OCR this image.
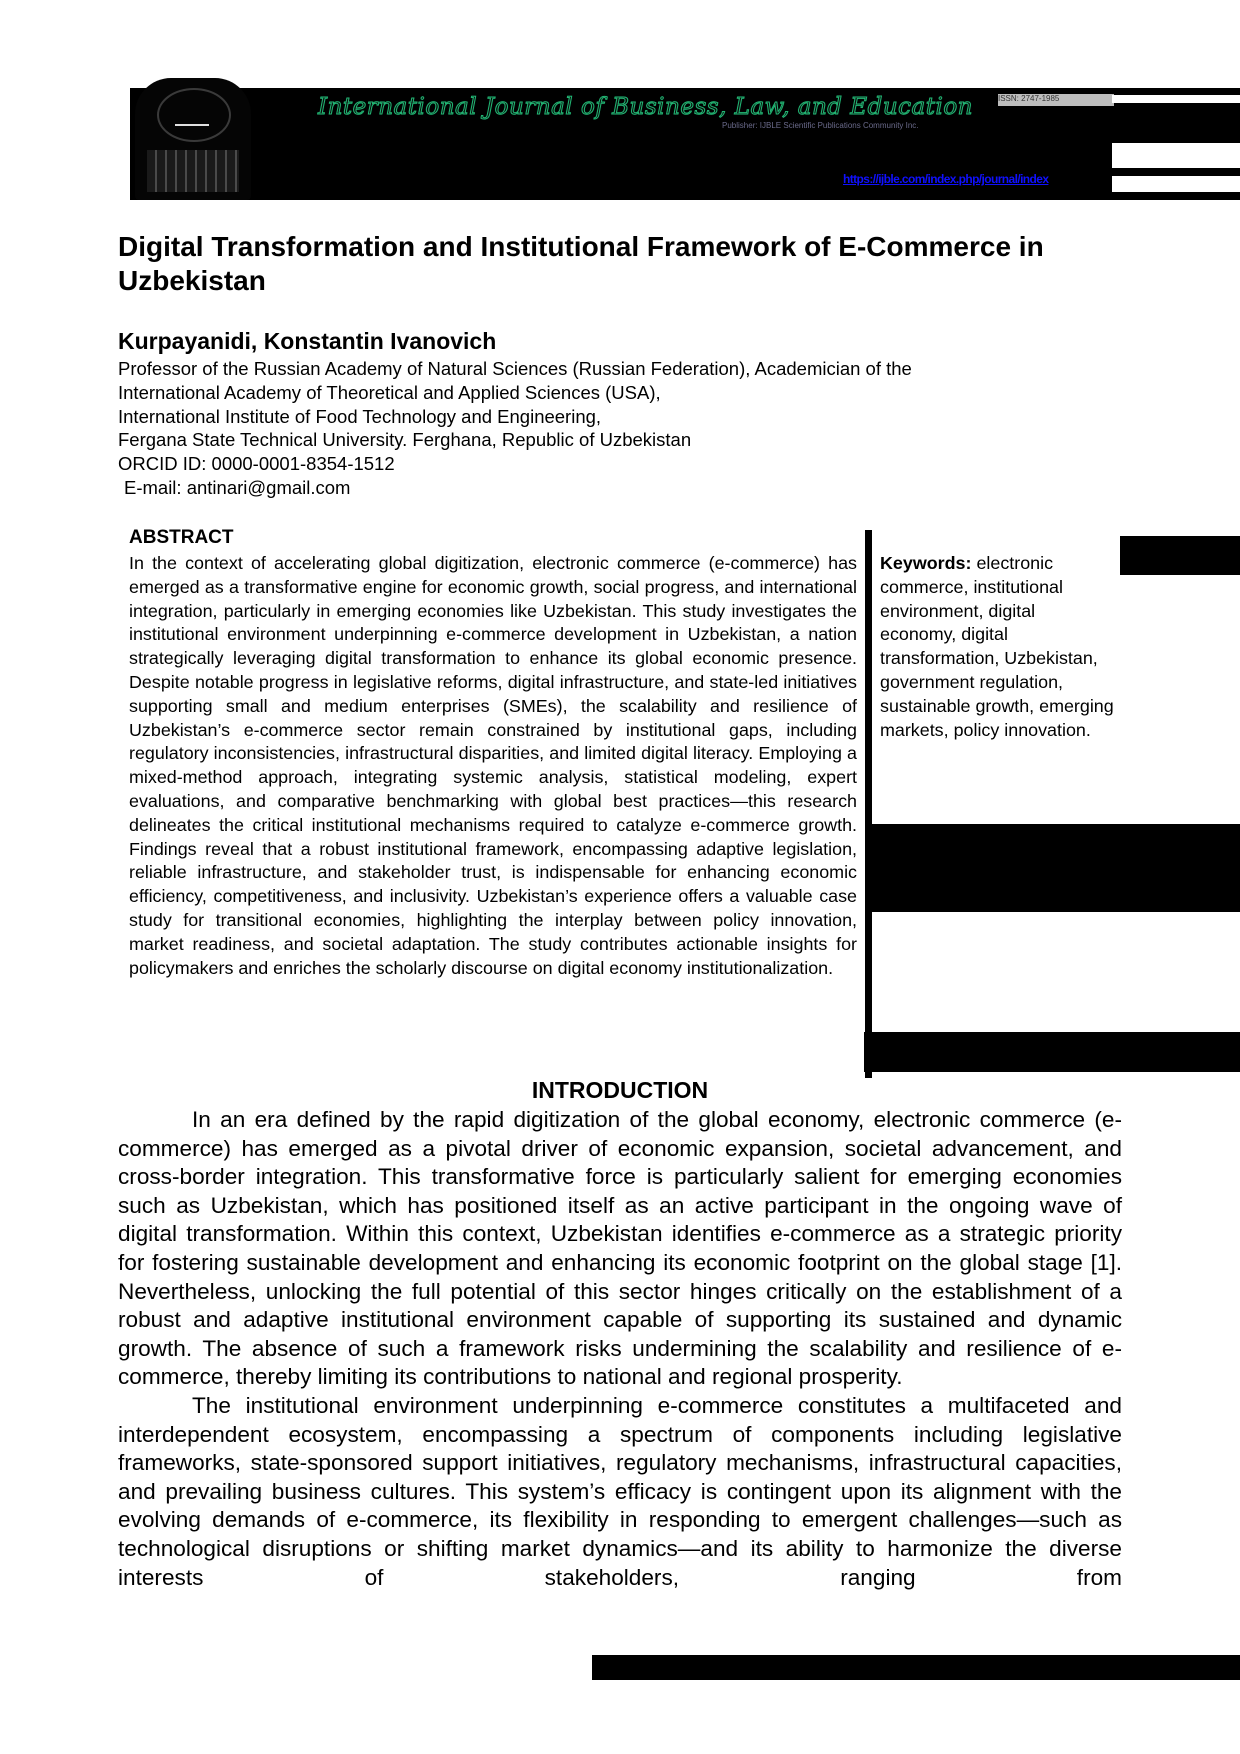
International Journal of Business, Law, and Education
Publisher: IJBLE Scientific Publications Community Inc.
ISSN: 2747-1985
https://ijble.com/index.php/journal/index
Digital Transformation and Institutional Framework of E-Commerce in Uzbekistan
Kurpayanidi, Konstantin Ivanovich
Professor of the Russian Academy of Natural Sciences (Russian Federation), Academician of the
International Academy of Theoretical and Applied Sciences (USA),
International Institute of Food Technology and Engineering,
Fergana State Technical University. Ferghana, Republic of Uzbekistan
ORCID ID: 0000-0001-8354-1512
E-mail: antinari@gmail.com
ABSTRACT
In the context of accelerating global digitization, electronic commerce (e-commerce) has emerged as a transformative engine for economic growth, social progress, and international integration, particularly in emerging economies like Uzbekistan. This study investigates the institutional environment underpinning e-commerce development in Uzbekistan, a nation strategically leveraging digital transformation to enhance its global economic presence. Despite notable progress in legislative reforms, digital infrastructure, and state-led initiatives supporting small and medium enterprises (SMEs), the scalability and resilience of Uzbekistan’s e-commerce sector remain constrained by institutional gaps, including regulatory inconsistencies, infrastructural disparities, and limited digital literacy. Employing a mixed-method approach, integrating systemic analysis, statistical modeling, expert evaluations, and comparative benchmarking with global best practices—this research delineates the critical institutional mechanisms required to catalyze e-commerce growth. Findings reveal that a robust institutional framework, encompassing adaptive legislation, reliable infrastructure, and stakeholder trust, is indispensable for enhancing economic efficiency, competitiveness, and inclusivity. Uzbekistan’s experience offers a valuable case study for transitional economies, highlighting the interplay between policy innovation, market readiness, and societal adaptation. The study contributes actionable insights for policymakers and enriches the scholarly discourse on digital economy institutionalization.
Keywords: electronic commerce, institutional environment, digital economy, digital transformation, Uzbekistan, government regulation, sustainable growth, emerging markets, policy innovation.
INTRODUCTION

In an era defined by the rapid digitization of the global economy, electronic commerce (e-commerce) has emerged as a pivotal driver of economic expansion, societal advancement, and cross-border integration. This transformative force is particularly salient for emerging economies such as Uzbekistan, which has positioned itself as an active participant in the ongoing wave of digital transformation. Within this context, Uzbekistan identifies e-commerce as a strategic priority for fostering sustainable development and enhancing its economic footprint on the global stage [1]. Nevertheless, unlocking the full potential of this sector hinges critically on the establishment of a robust and adaptive institutional environment capable of supporting its sustained and dynamic growth. The absence of such a framework risks undermining the scalability and resilience of e-commerce, thereby limiting its contributions to national and regional prosperity.

The institutional environment underpinning e-commerce constitutes a multifaceted and interdependent ecosystem, encompassing a spectrum of components including legislative frameworks, state-sponsored support initiatives, regulatory mechanisms, infrastructural capacities, and prevailing business cultures. This system’s efficacy is contingent upon its alignment with the evolving demands of e-commerce, its flexibility in responding to emergent challenges—such as technological disruptions or shifting market dynamics—and its ability to harmonize the diverse interests of stakeholders, ranging from
